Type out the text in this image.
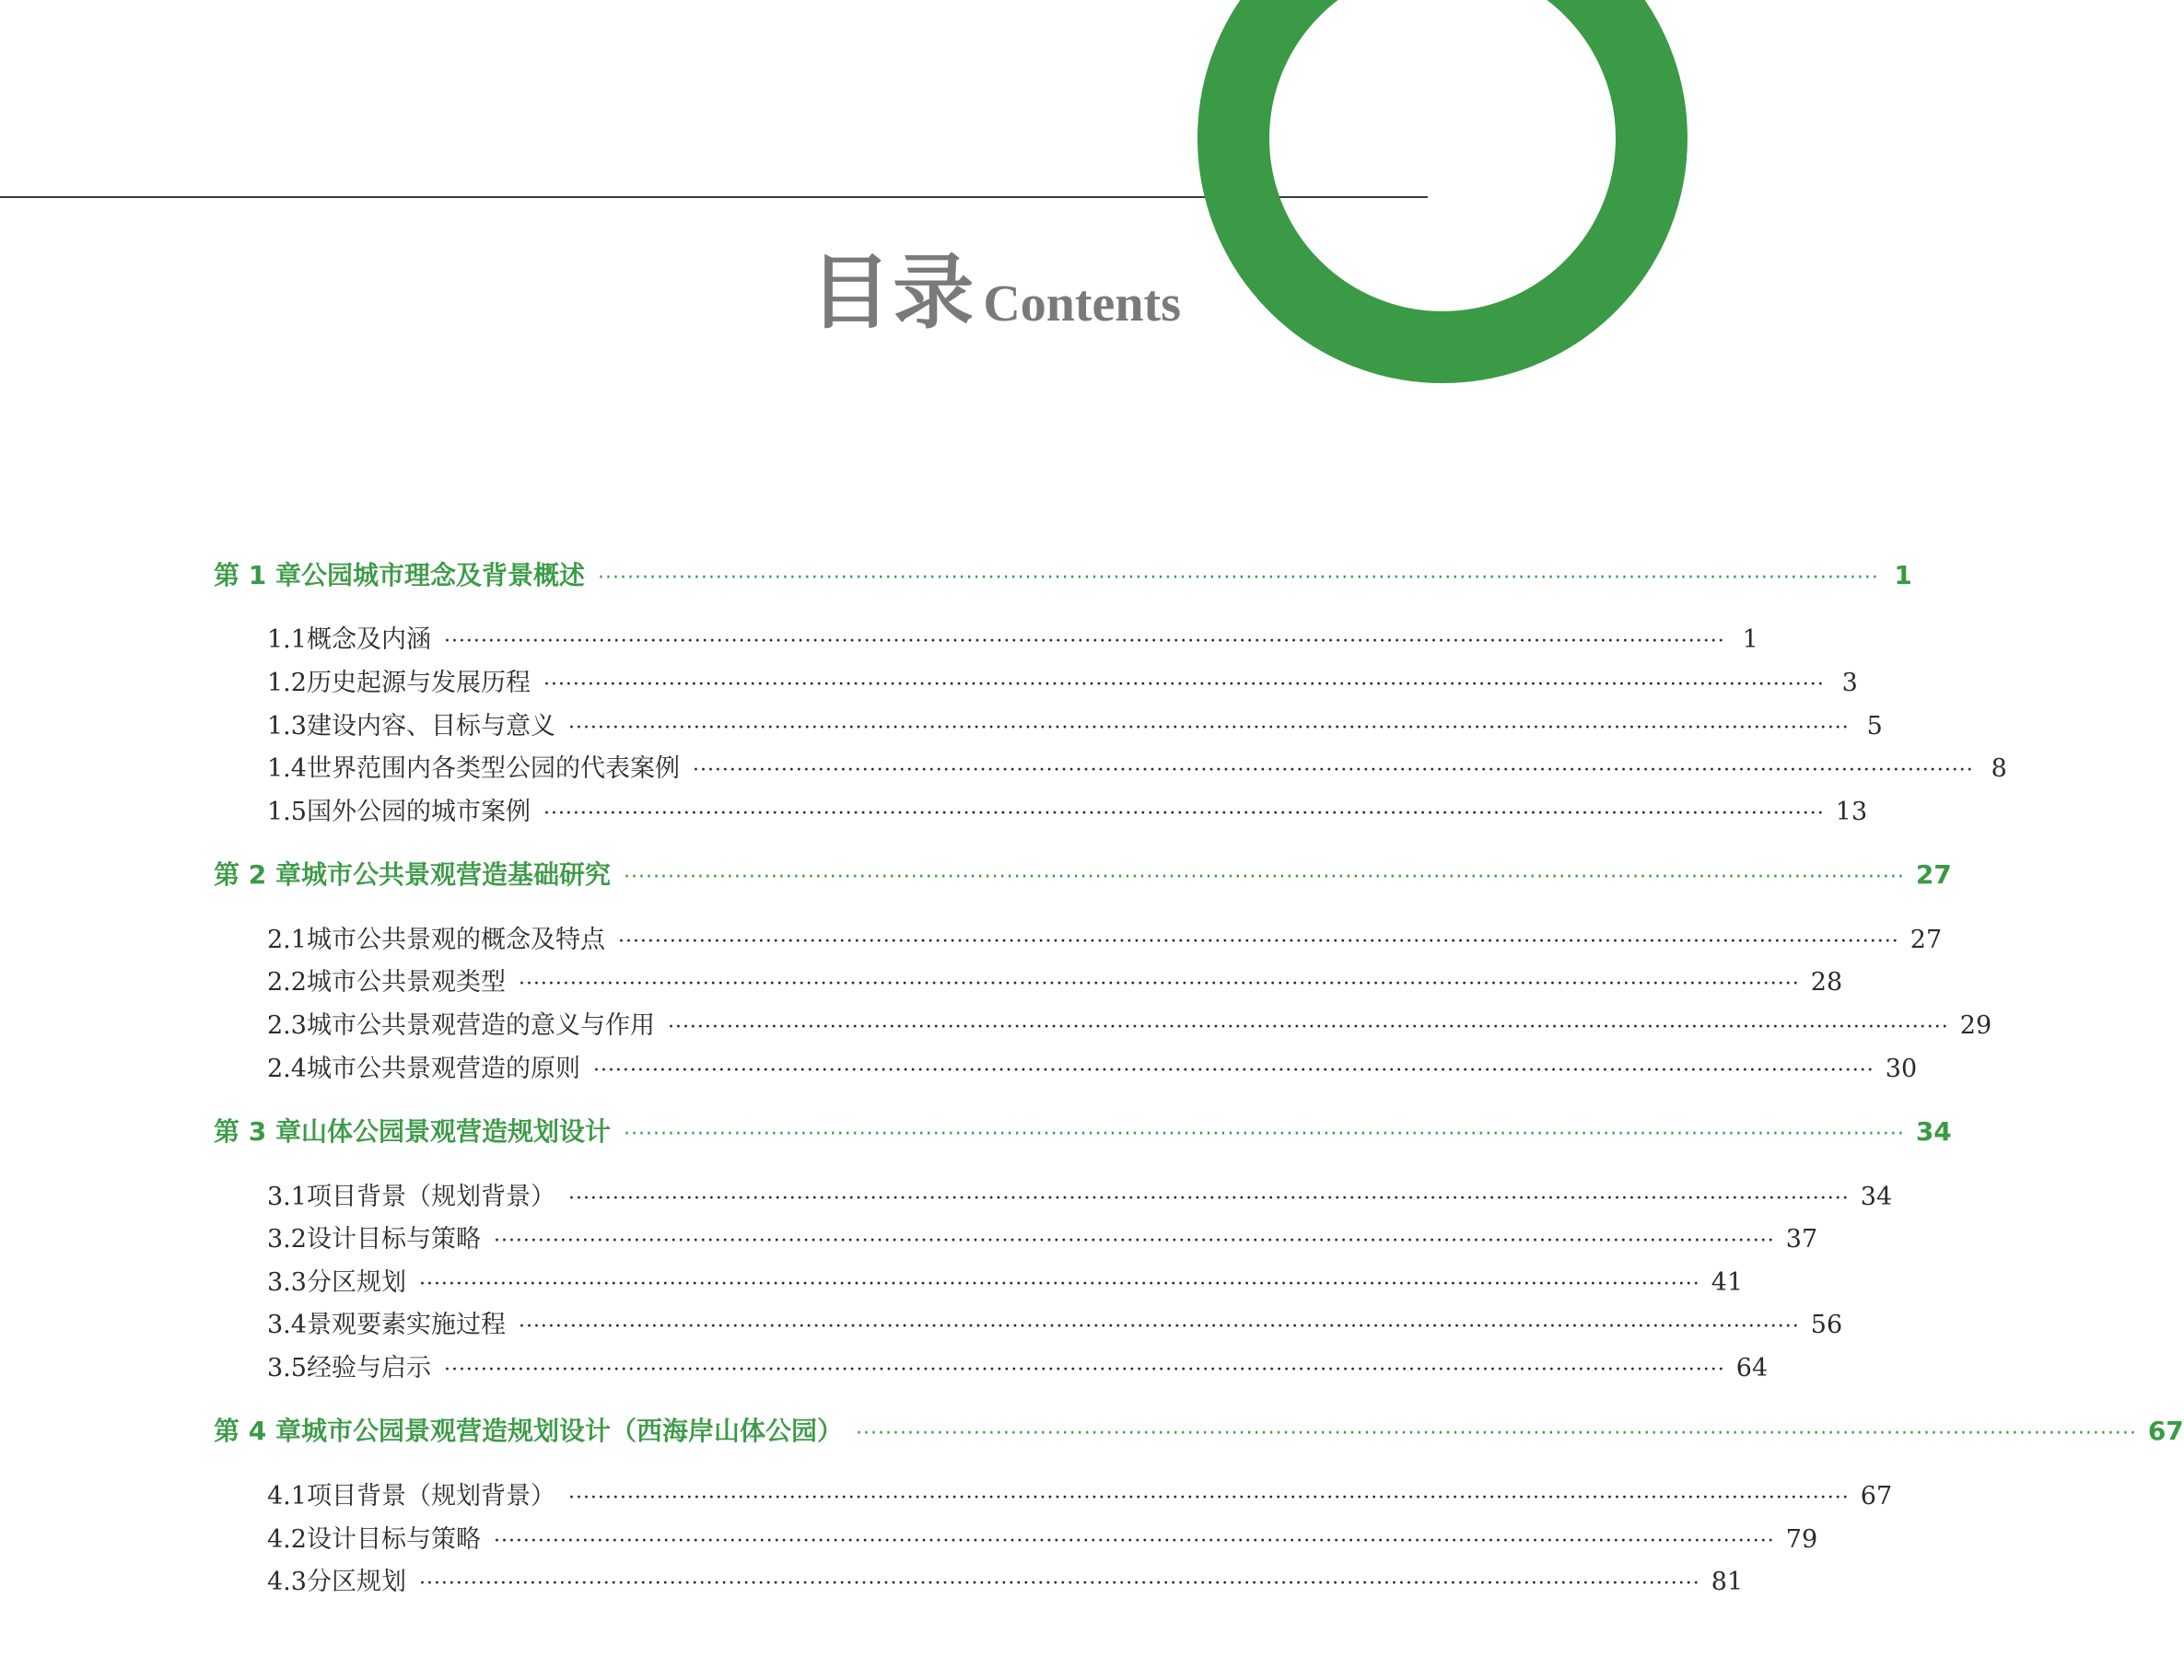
目录 Contents
第 1 章 公园城市理念及背景概述 ·············································································································································································· 1
1.1 概念及内涵 ·············································································································································································· 1
1.2 历史起源与发展历程 ·············································································································································································· 3
1.3 建设内容、目标与意义 ·············································································································································································· 5
1.4 世界范围内各类型公园的代表案例 ·············································································································································································· 8
1.5 国外公园的城市案例 ·············································································································································································· 13
第 2 章 城市公共景观营造基础研究 ·············································································································································································· 27
2.1 城市公共景观的概念及特点 ·············································································································································································· 27
2.2 城市公共景观类型 ·············································································································································································· 28
2.3 城市公共景观营造的意义与作用 ·············································································································································································· 29
2.4 城市公共景观营造的原则 ·············································································································································································· 30
第 3 章 山体公园景观营造规划设计 ·············································································································································································· 34
3.1 项目背景（规划背景） ·············································································································································································· 34
3.2 设计目标与策略 ·············································································································································································· 37
3.3 分区规划 ·············································································································································································· 41
3.4 景观要素实施过程 ·············································································································································································· 56
3.5 经验与启示 ·············································································································································································· 64
第 4 章 城市公园景观营造规划设计（西海岸山体公园） ·············································································································································································· 67
4.1 项目背景（规划背景） ·············································································································································································· 67
4.2 设计目标与策略 ·············································································································································································· 79
4.3 分区规划 ·············································································································································································· 81
